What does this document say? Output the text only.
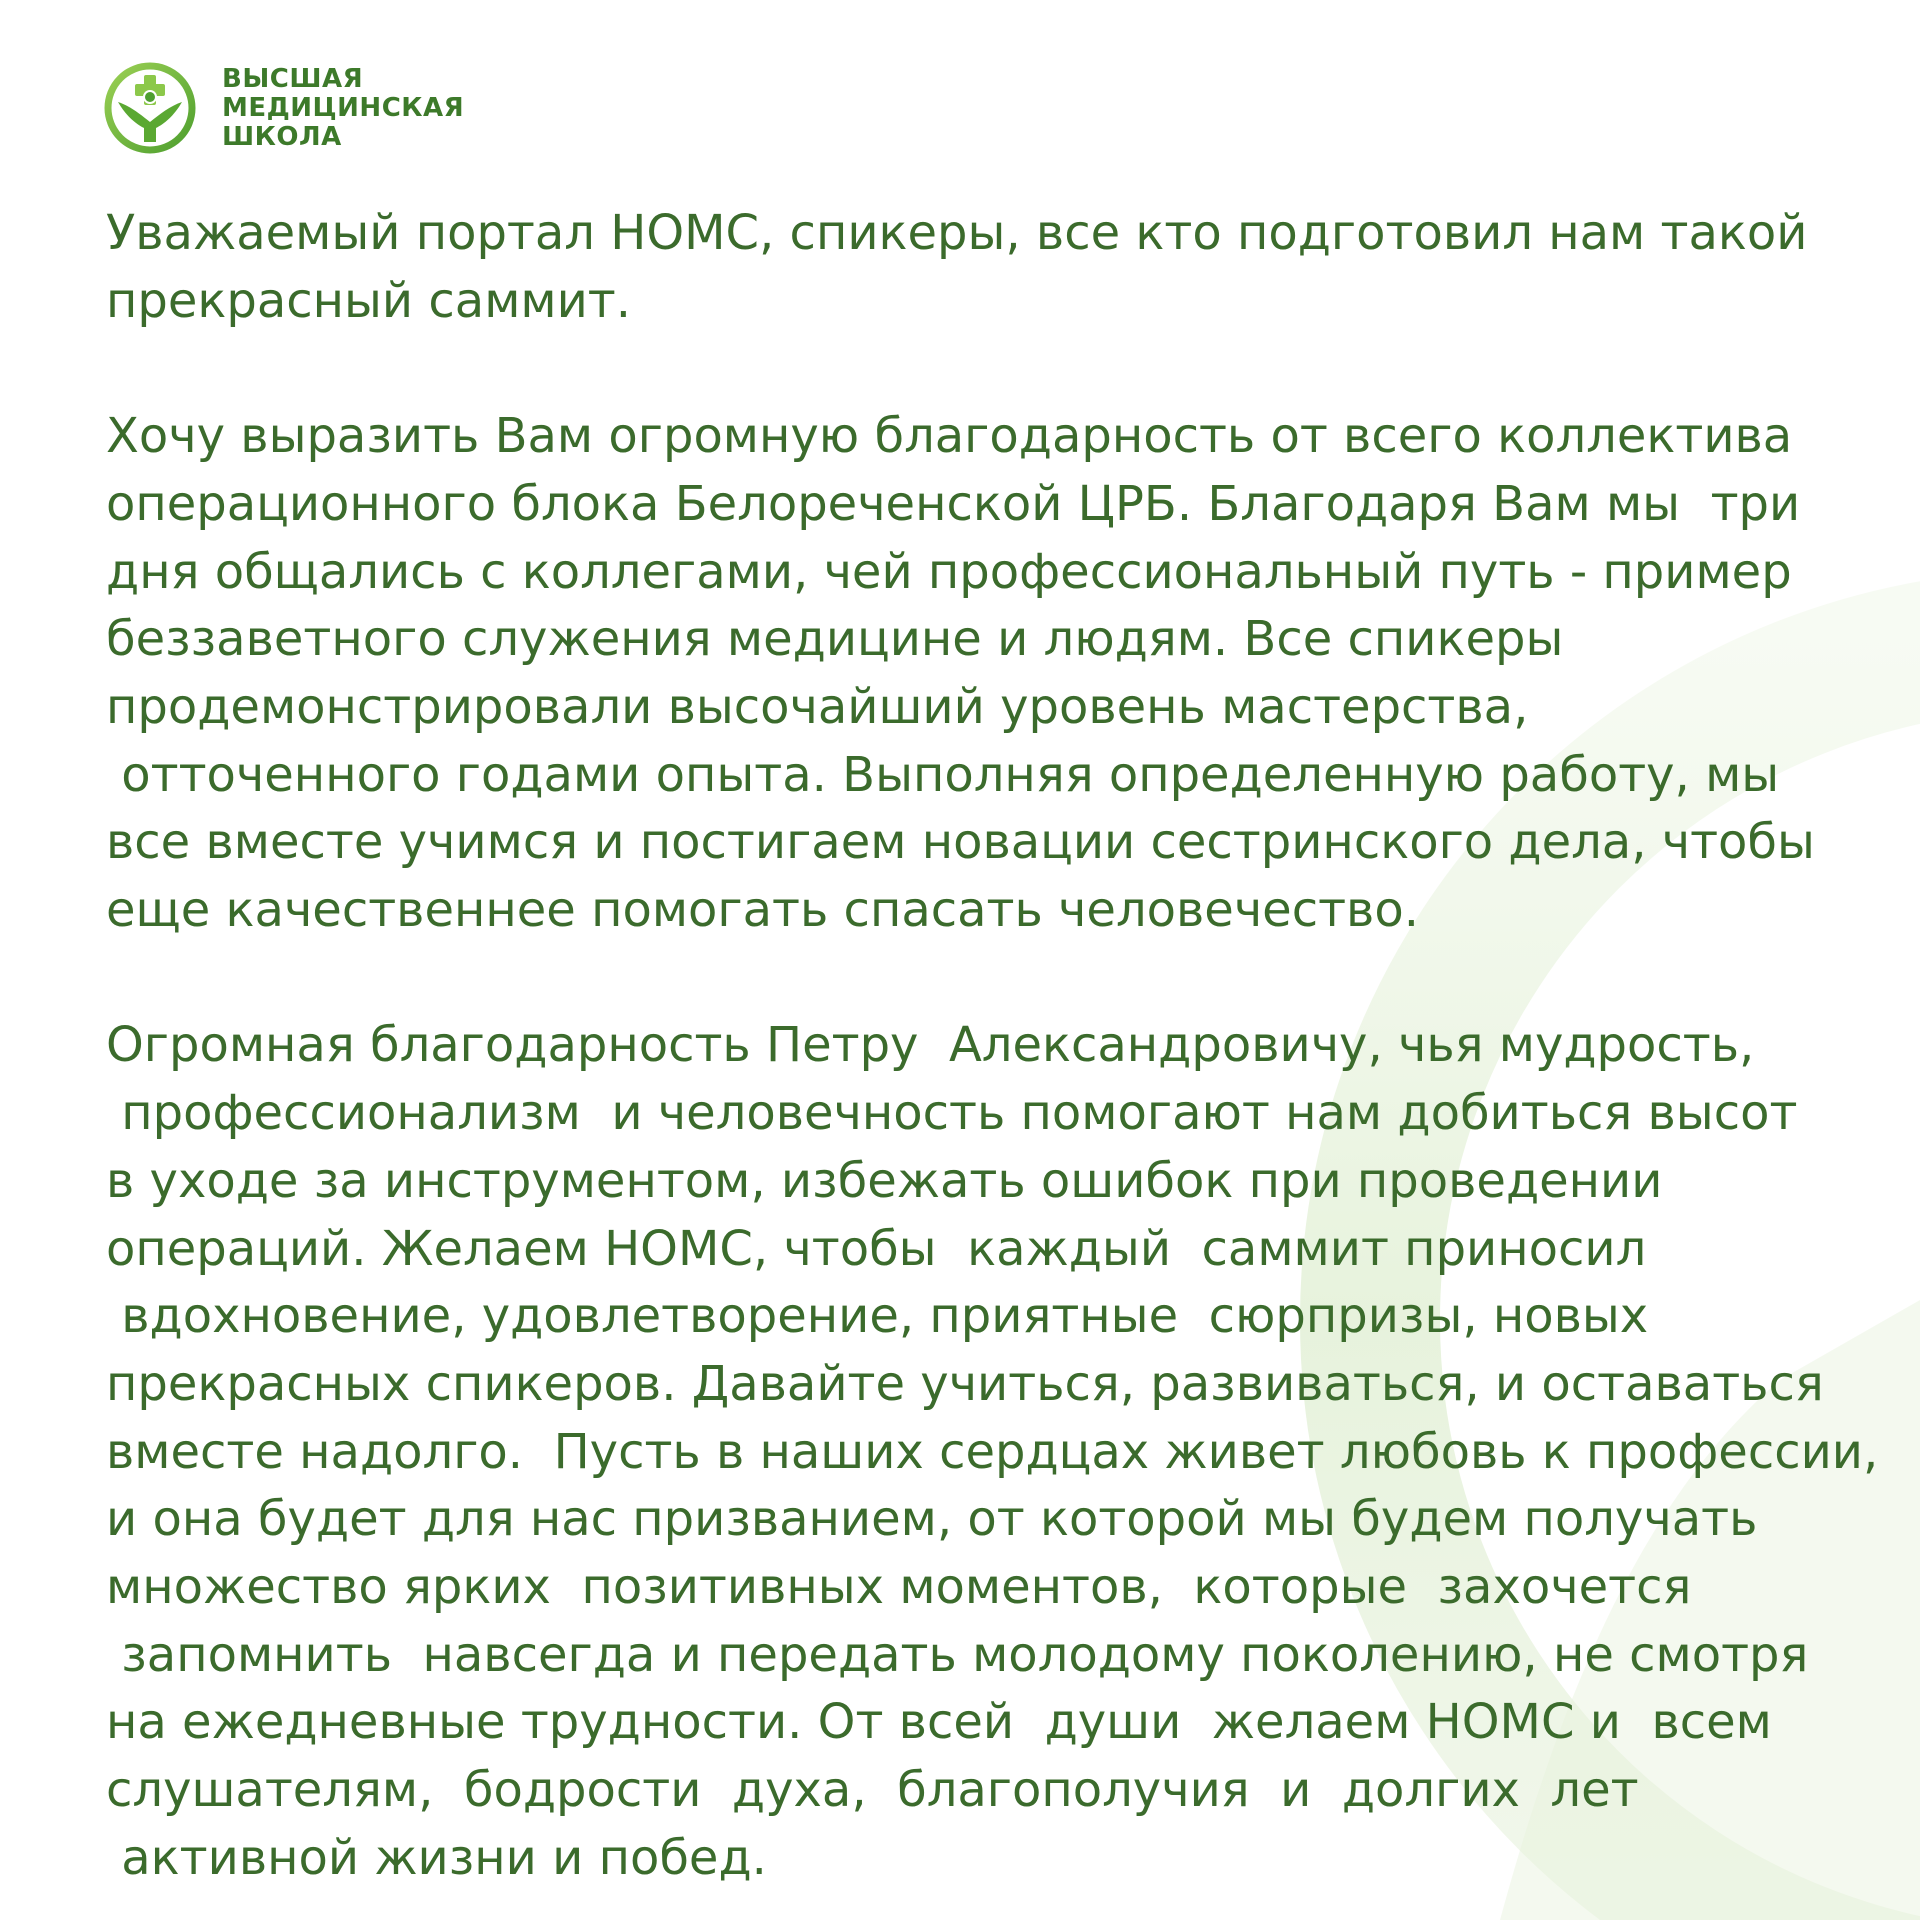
ВЫСШАЯ
МЕДИЦИНСКАЯ
ШКОЛА

Уважаемый портал НОМС, спикеры, все кто подготовил нам такой

прекрасный саммит.

Хочу выразить Вам огромную благодарность от всего коллектива

операционного блока Белореченской ЦРБ. Благодаря Вам мы  три

дня общались с коллегами, чей профессиональный путь - пример

беззаветного служения медицине и людям. Все спикеры

продемонстрировали высочайший уровень мастерства,

отточенного годами опыта. Выполняя определенную работу, мы

все вместе учимся и постигаем новации сестринского дела, чтобы

еще качественнее помогать спасать человечество.

Огромная благодарность Петру  Александровичу, чья мудрость,

профессионализм  и человечность помогают нам добиться высот

в уходе за инструментом, избежать ошибок при проведении

операций. Желаем НОМС, чтобы  каждый  саммит приносил

вдохновение, удовлетворение, приятные  сюрпризы, новых

прекрасных спикеров. Давайте учиться, развиваться, и оставаться

вместе надолго.  Пусть в наших сердцах живет любовь к профессии,

и она будет для нас призванием, от которой мы будем получать

множество ярких  позитивных моментов,  которые  захочется

запомнить  навсегда и передать молодому поколению, не смотря

на ежедневные трудности. От всей  души  желаем НОМС и  всем

слушателям,  бодрости  духа,  благополучия  и  долгих  лет

активной жизни и побед.
